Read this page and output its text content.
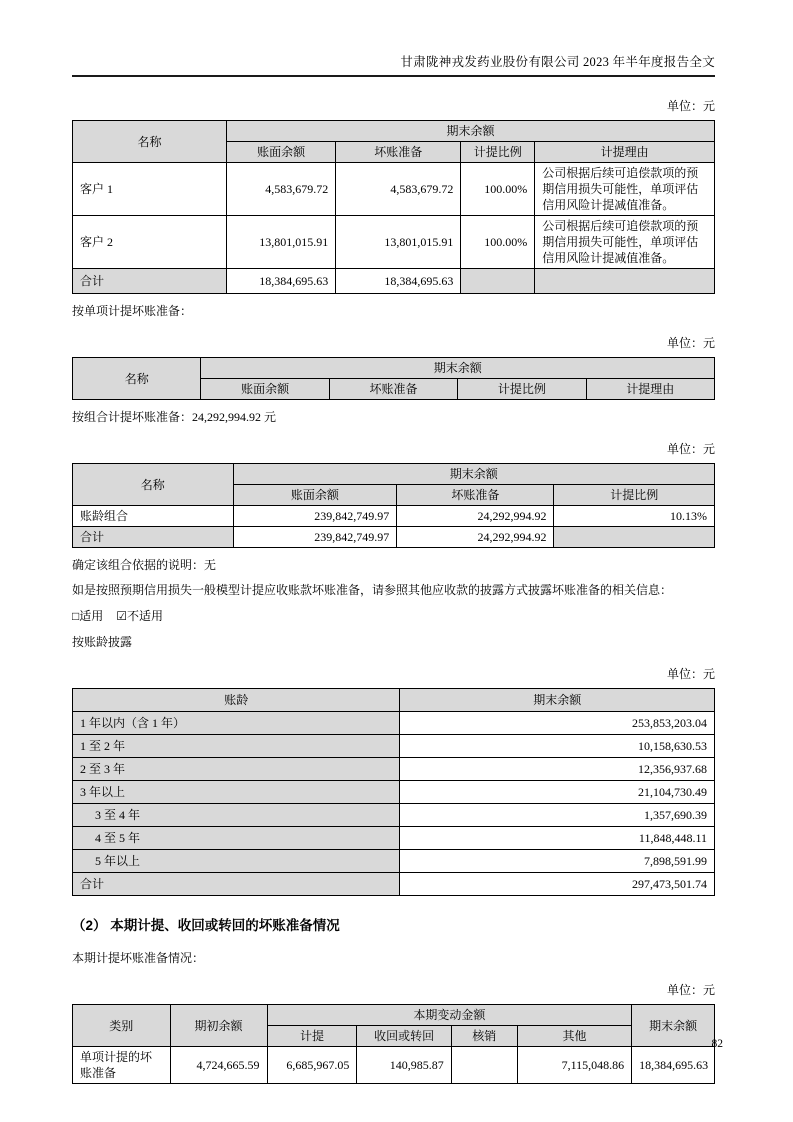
甘肃陇神戎发药业股份有限公司 2023 年半年度报告全文
单位：元
名称	期末余额			
	账面余额	坏账准备	计提比例	计提理由
客户 1	4,583,679.72	4,583,679.72	100.00%	公司根据后续可追偿款项的预期信用损失可能性，单项评估信用风险计提减值准备。
客户 2	13,801,015.91	13,801,015.91	100.00%	公司根据后续可追偿款项的预期信用损失可能性，单项评估信用风险计提减值准备。
合计	18,384,695.63	18,384,695.63		
按单项计提坏账准备：
单位：元
名称	期末余额			
	账面余额	坏账准备	计提比例	计提理由
按组合计提坏账准备：24,292,994.92 元
单位：元
名称	期末余额		
	账面余额	坏账准备	计提比例
账龄组合	239,842,749.97	24,292,994.92	10.13%
合计	239,842,749.97	24,292,994.92	
确定该组合依据的说明：无
如是按照预期信用损失一般模型计提应收账款坏账准备，请参照其他应收款的披露方式披露坏账准备的相关信息：
□适用 ☑不适用
按账龄披露
单位：元
账龄	期末余额
1 年以内（含 1 年）	253,853,203.04
1 至 2 年	10,158,630.53
2 至 3 年	12,356,937.68
3 年以上	21,104,730.49
3 至 4 年	1,357,690.39
4 至 5 年	11,848,448.11
5 年以上	7,898,591.99
合计	297,473,501.74
（2） 本期计提、收回或转回的坏账准备情况
本期计提坏账准备情况：
单位：元
类别	期初余额	本期变动金额				期末余额
		计提	收回或转回	核销	其他	
单项计提的坏账准备	4,724,665.59	6,685,967.05	140,985.87		7,115,048.86	18,384,695.63
82
